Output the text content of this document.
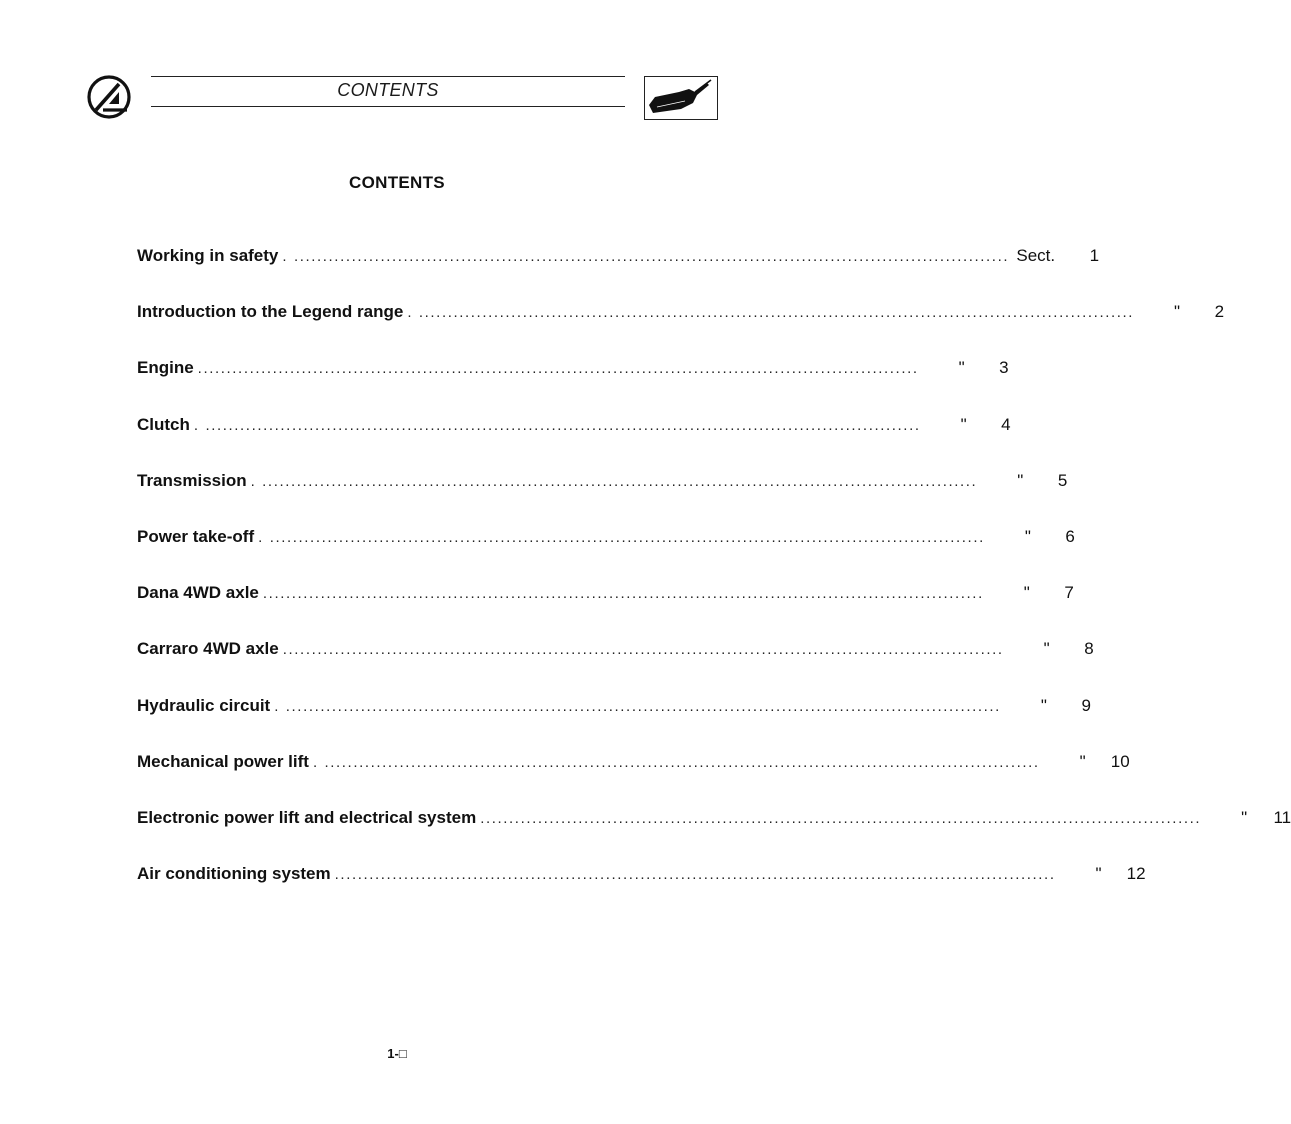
CONTENTS
CONTENTS
Working in safety . ............................................................................................................................ Sect.	1
Introduction to the Legend range . ............................................................................................................................	"	2
Engine .............................................................................................................................	"	3
Clutch . ............................................................................................................................	"	4
Transmission . ............................................................................................................................	"	5
Power take-off . ............................................................................................................................	"	6
Dana 4WD axle .............................................................................................................................	"	7
Carraro 4WD axle .............................................................................................................................	"	8
Hydraulic circuit . ............................................................................................................................	"	9
Mechanical power lift . ............................................................................................................................	"	10
Electronic power lift and electrical system .............................................................................................................................	"	11
Air conditioning system .............................................................................................................................	"	12
1-□
